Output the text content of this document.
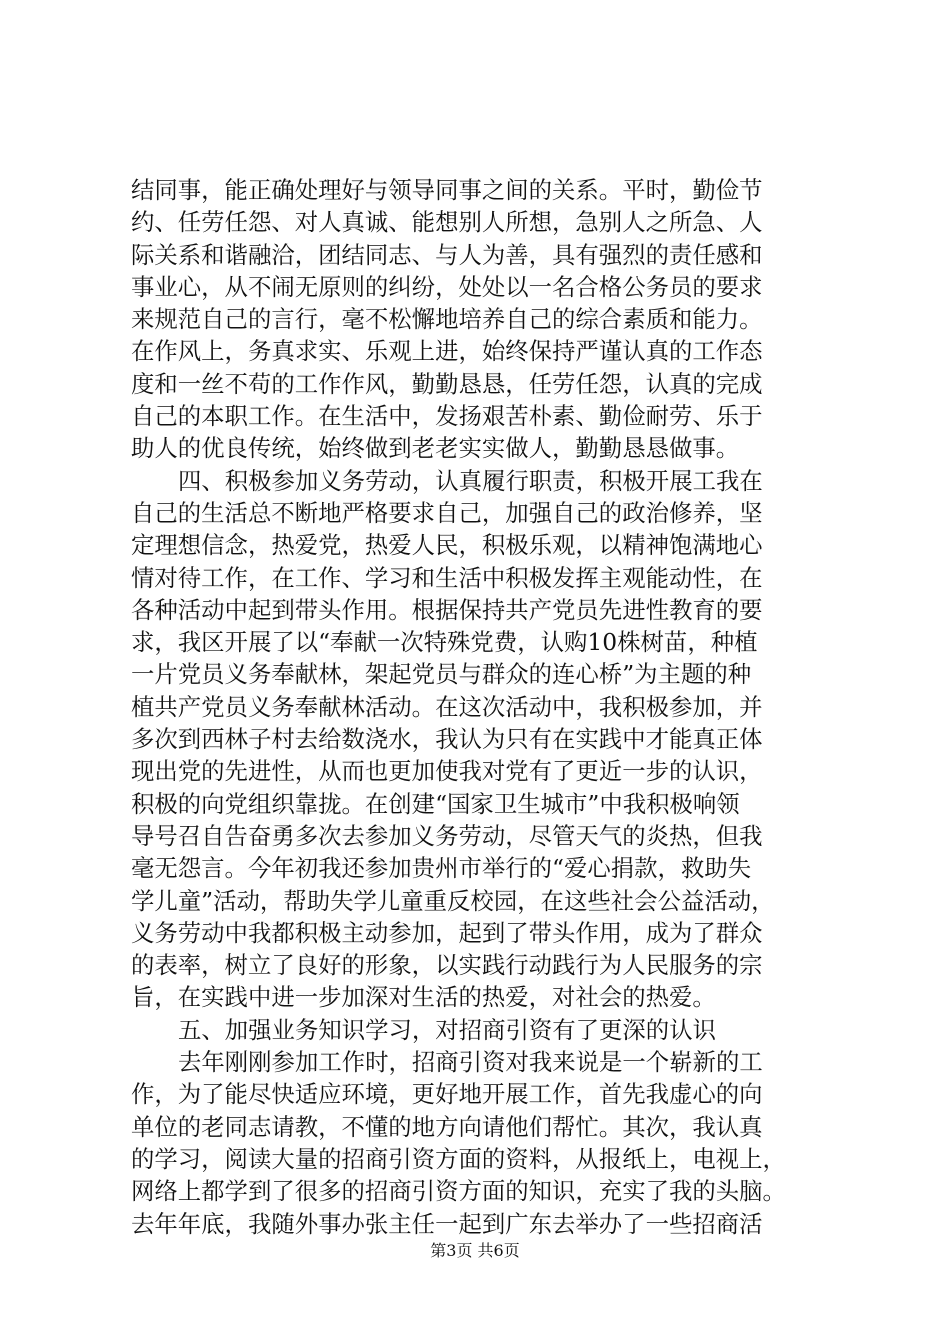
结同事，能正确处理好与领导同事之间的关系。平时，勤俭节
约、任劳任怨、对人真诚、能想别人所想，急别人之所急、人
际关系和谐融洽，团结同志、与人为善，具有强烈的责任感和
事业心，从不闹无原则的纠纷，处处以一名合格公务员的要求
来规范自己的言行，毫不松懈地培养自己的综合素质和能力。
在作风上，务真求实、乐观上进，始终保持严谨认真的工作态
度和一丝不苟的工作作风，勤勤恳恳，任劳任怨，认真的完成
自己的本职工作。在生活中，发扬艰苦朴素、勤俭耐劳、乐于
助人的优良传统，始终做到老老实实做人，勤勤恳恳做事。
四、积极参加义务劳动，认真履行职责，积极开展工我在
自己的生活总不断地严格要求自己，加强自己的政治修养，坚
定理想信念，热爱党，热爱人民，积极乐观，以精神饱满地心
情对待工作，在工作、学习和生活中积极发挥主观能动性，在
各种活动中起到带头作用。根据保持共产党员先进性教育的要
求，我区开展了以“奉献一次特殊党费，认购10株树苗，种植
一片党员义务奉献林，架起党员与群众的连心桥”为主题的种
植共产党员义务奉献林活动。在这次活动中，我积极参加，并
多次到西林子村去给数浇水，我认为只有在实践中才能真正体
现出党的先进性，从而也更加使我对党有了更近一步的认识，
积极的向党组织靠拢。在创建“国家卫生城市”中我积极响领
导号召自告奋勇多次去参加义务劳动，尽管天气的炎热，但我
毫无怨言。今年初我还参加贵州市举行的“爱心捐款，救助失
学儿童”活动，帮助失学儿童重反校园，在这些社会公益活动，
义务劳动中我都积极主动参加，起到了带头作用，成为了群众
的表率，树立了良好的形象，以实践行动践行为人民服务的宗
旨，在实践中进一步加深对生活的热爱，对社会的热爱。
五、加强业务知识学习，对招商引资有了更深的认识
去年刚刚参加工作时，招商引资对我来说是一个崭新的工
作，为了能尽快适应环境，更好地开展工作，首先我虚心的向
单位的老同志请教，不懂的地方向请他们帮忙。其次，我认真
的学习，阅读大量的招商引资方面的资料，从报纸上，电视上，
网络上都学到了很多的招商引资方面的知识，充实了我的头脑。
去年年底，我随外事办张主任一起到广东去举办了一些招商活
第3页 共6页
